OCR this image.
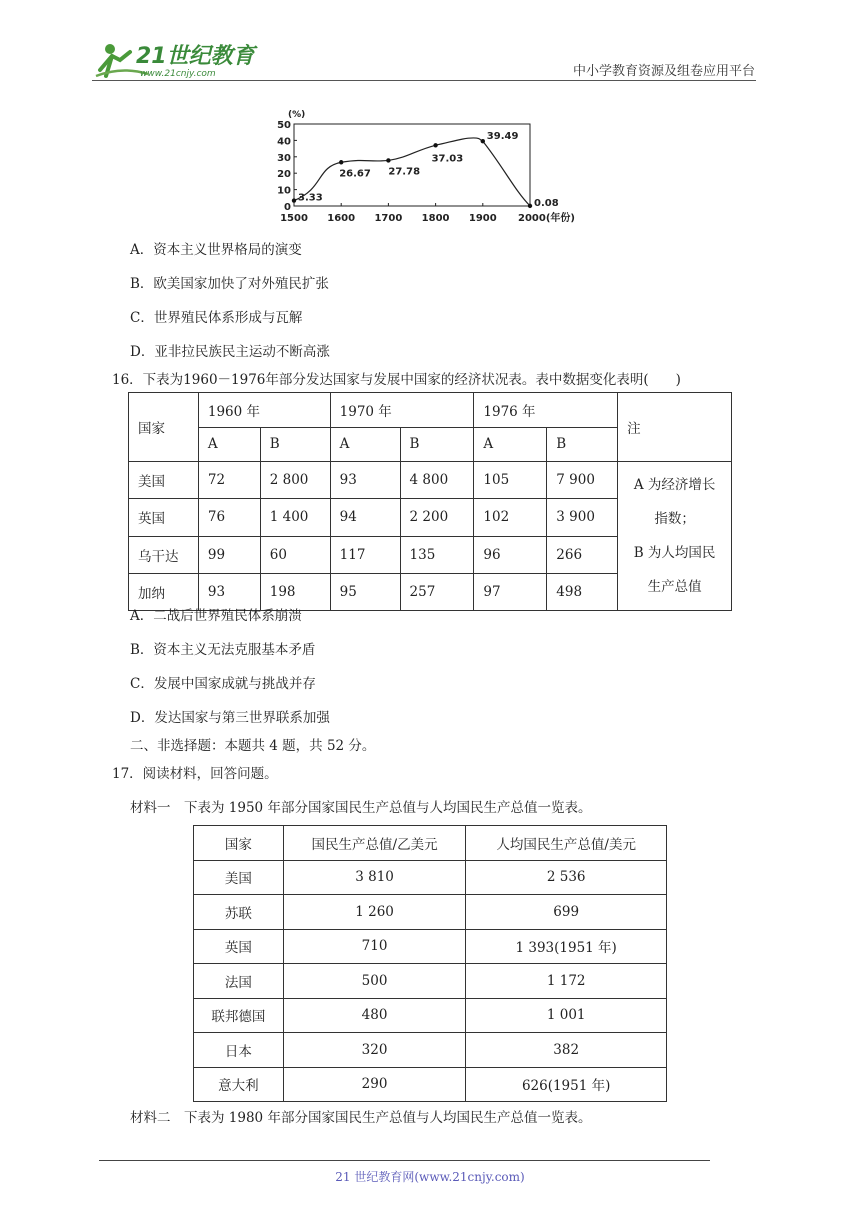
21世纪教育
www.21cnjy.com	中小学教育资源及组卷应用平台
(%)
0
10
20
30
40
50
1500 1600 1700 1800 1900 2000(年份)
3.33
26.67 27.78
37.03
39.49
0.08
A．资本主义世界格局的演变
B．欧美国家加快了对外殖民扩张
C．世界殖民体系形成与瓦解
D．亚非拉民族民主运动不断高涨
16．下表为1960－1976年部分发达国家与发展中国家的经济状况表。表中数据变化表明(　　)
国家	1960 年		1970 年		1976 年		注
	A	B	A	B	A	B	
美国	72	2 800	93	4 800	105	7 900	A 为经济增长
指数；
B 为人均国民
生产总值

英国	76	1 400	94	2 200	102	3 900	
乌干达	99	60	117	135	96	266	
加纳	93	198	95	257	97	498	
A．二战后世界殖民体系崩溃
B．资本主义无法克服基本矛盾
C．发展中国家成就与挑战并存
D．发达国家与第三世界联系加强
二、非选择题：本题共 4 题，共 52 分。
17．阅读材料，回答问题。
材料一　下表为 1950 年部分国家国民生产总值与人均国民生产总值一览表。
国家	国民生产总值/乙美元	人均国民生产总值/美元
美国	3 810	2 536
苏联	1 260	699
英国	710	1 393(1951 年)
法国	500	1 172
联邦德国	480	1 001
日本	320	382
意大利	290	626(1951 年)
材料二　下表为 1980 年部分国家国民生产总值与人均国民生产总值一览表。
21 世纪教育网(www.21cnjy.com)
